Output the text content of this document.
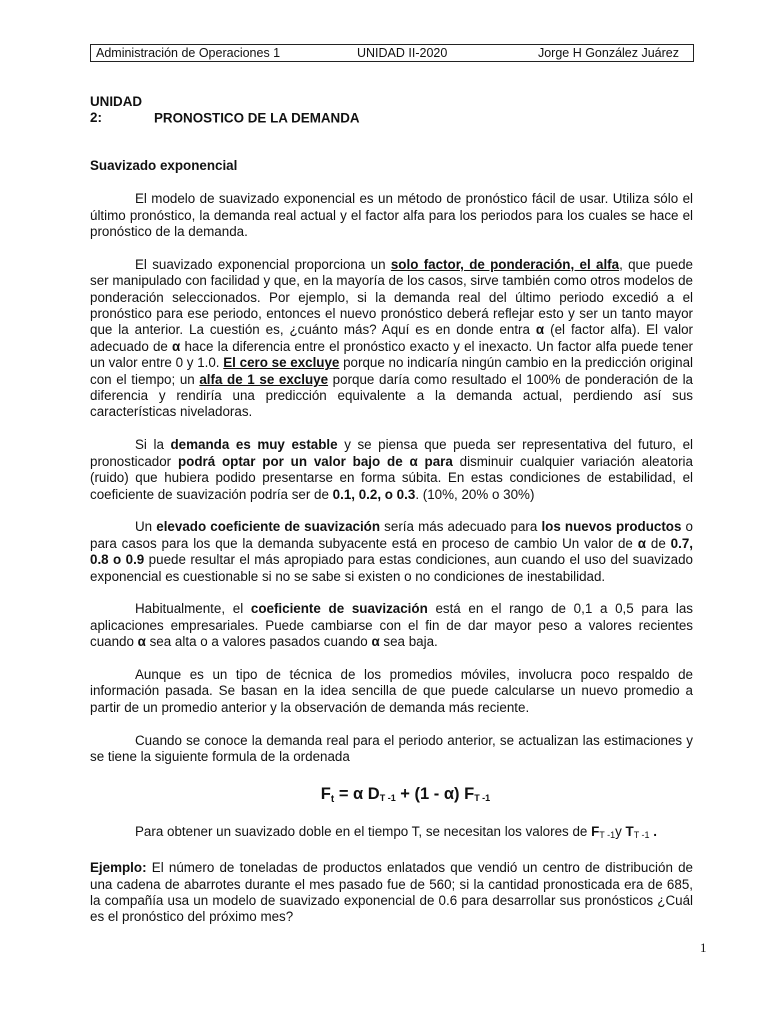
Administración de Operaciones 1	UNIDAD II-2020	Jorge H González Juárez

UNIDAD 2:	PRONOSTICO DE LA DEMANDA

Suavizado exponencial

El modelo de suavizado exponencial es un método de pronóstico fácil de usar. Utiliza sólo el último pronóstico, la demanda real actual y el factor alfa para los periodos para los cuales se hace el pronóstico de la demanda.

El suavizado exponencial proporciona un solo factor, de ponderación, el alfa, que puede ser manipulado con facilidad y que, en la mayoría de los casos, sirve también como otros modelos de ponderación seleccionados. Por ejemplo, si la demanda real del último periodo excedió a el pronóstico para ese periodo, entonces el nuevo pronóstico deberá reflejar esto y ser un tanto mayor que la anterior. La cuestión es, ¿cuánto más? Aquí es en donde entra α (el factor alfa). El valor adecuado de α hace la diferencia entre el pronóstico exacto y el inexacto. Un factor alfa puede tener un valor entre 0 y 1.0. El cero se excluye porque no indicaría ningún cambio en la predicción original con el tiempo; un alfa de 1 se excluye porque daría como resultado el 100% de ponderación de la diferencia y rendiría una predicción equivalente a la demanda actual, perdiendo así sus características niveladoras.

Si la demanda es muy estable y se piensa que pueda ser representativa del futuro, el pronosticador podrá optar por un valor bajo de α para disminuir cualquier variación aleatoria (ruido) que hubiera podido presentarse en forma súbita. En estas condiciones de estabilidad, el coeficiente de suavización podría ser de 0.1, 0.2, o 0.3. (10%, 20% o 30%)

Un elevado coeficiente de suavización sería más adecuado para los nuevos productos o para casos para los que la demanda subyacente está en proceso de cambio Un valor de α de 0.7, 0.8 o 0.9 puede resultar el más apropiado para estas condiciones, aun cuando el uso del suavizado exponencial es cuestionable si no se sabe si existen o no condiciones de inestabilidad.

Habitualmente, el coeficiente de suavización está en el rango de 0,1 a 0,5 para las aplicaciones empresariales. Puede cambiarse con el fin de dar mayor peso a valores recientes cuando α sea alta o a valores pasados cuando α sea baja.

Aunque es un tipo de técnica de los promedios móviles, involucra poco respaldo de información pasada. Se basan en la idea sencilla de que puede calcularse un nuevo promedio a partir de un promedio anterior y la observación de demanda más reciente.

Cuando se conoce la demanda real para el periodo anterior, se actualizan las estimaciones y se tiene la siguiente formula de la ordenada

$F_t = \alpha$ $D_{T -1} + (1 - \alpha)$ $F_{T -1}$

Para obtener un suavizado doble en el tiempo T, se necesitan los valores de $F_{T -1}y$ $T_{T -1}$ .

Ejemplo: El número de toneladas de productos enlatados que vendió un centro de distribución de una cadena de abarrotes durante el mes pasado fue de 560; si la cantidad pronosticada era de 685, la compañía usa un modelo de suavizado exponencial de 0.6 para desarrollar sus pronósticos ¿Cuál es el pronóstico del próximo mes?

1
